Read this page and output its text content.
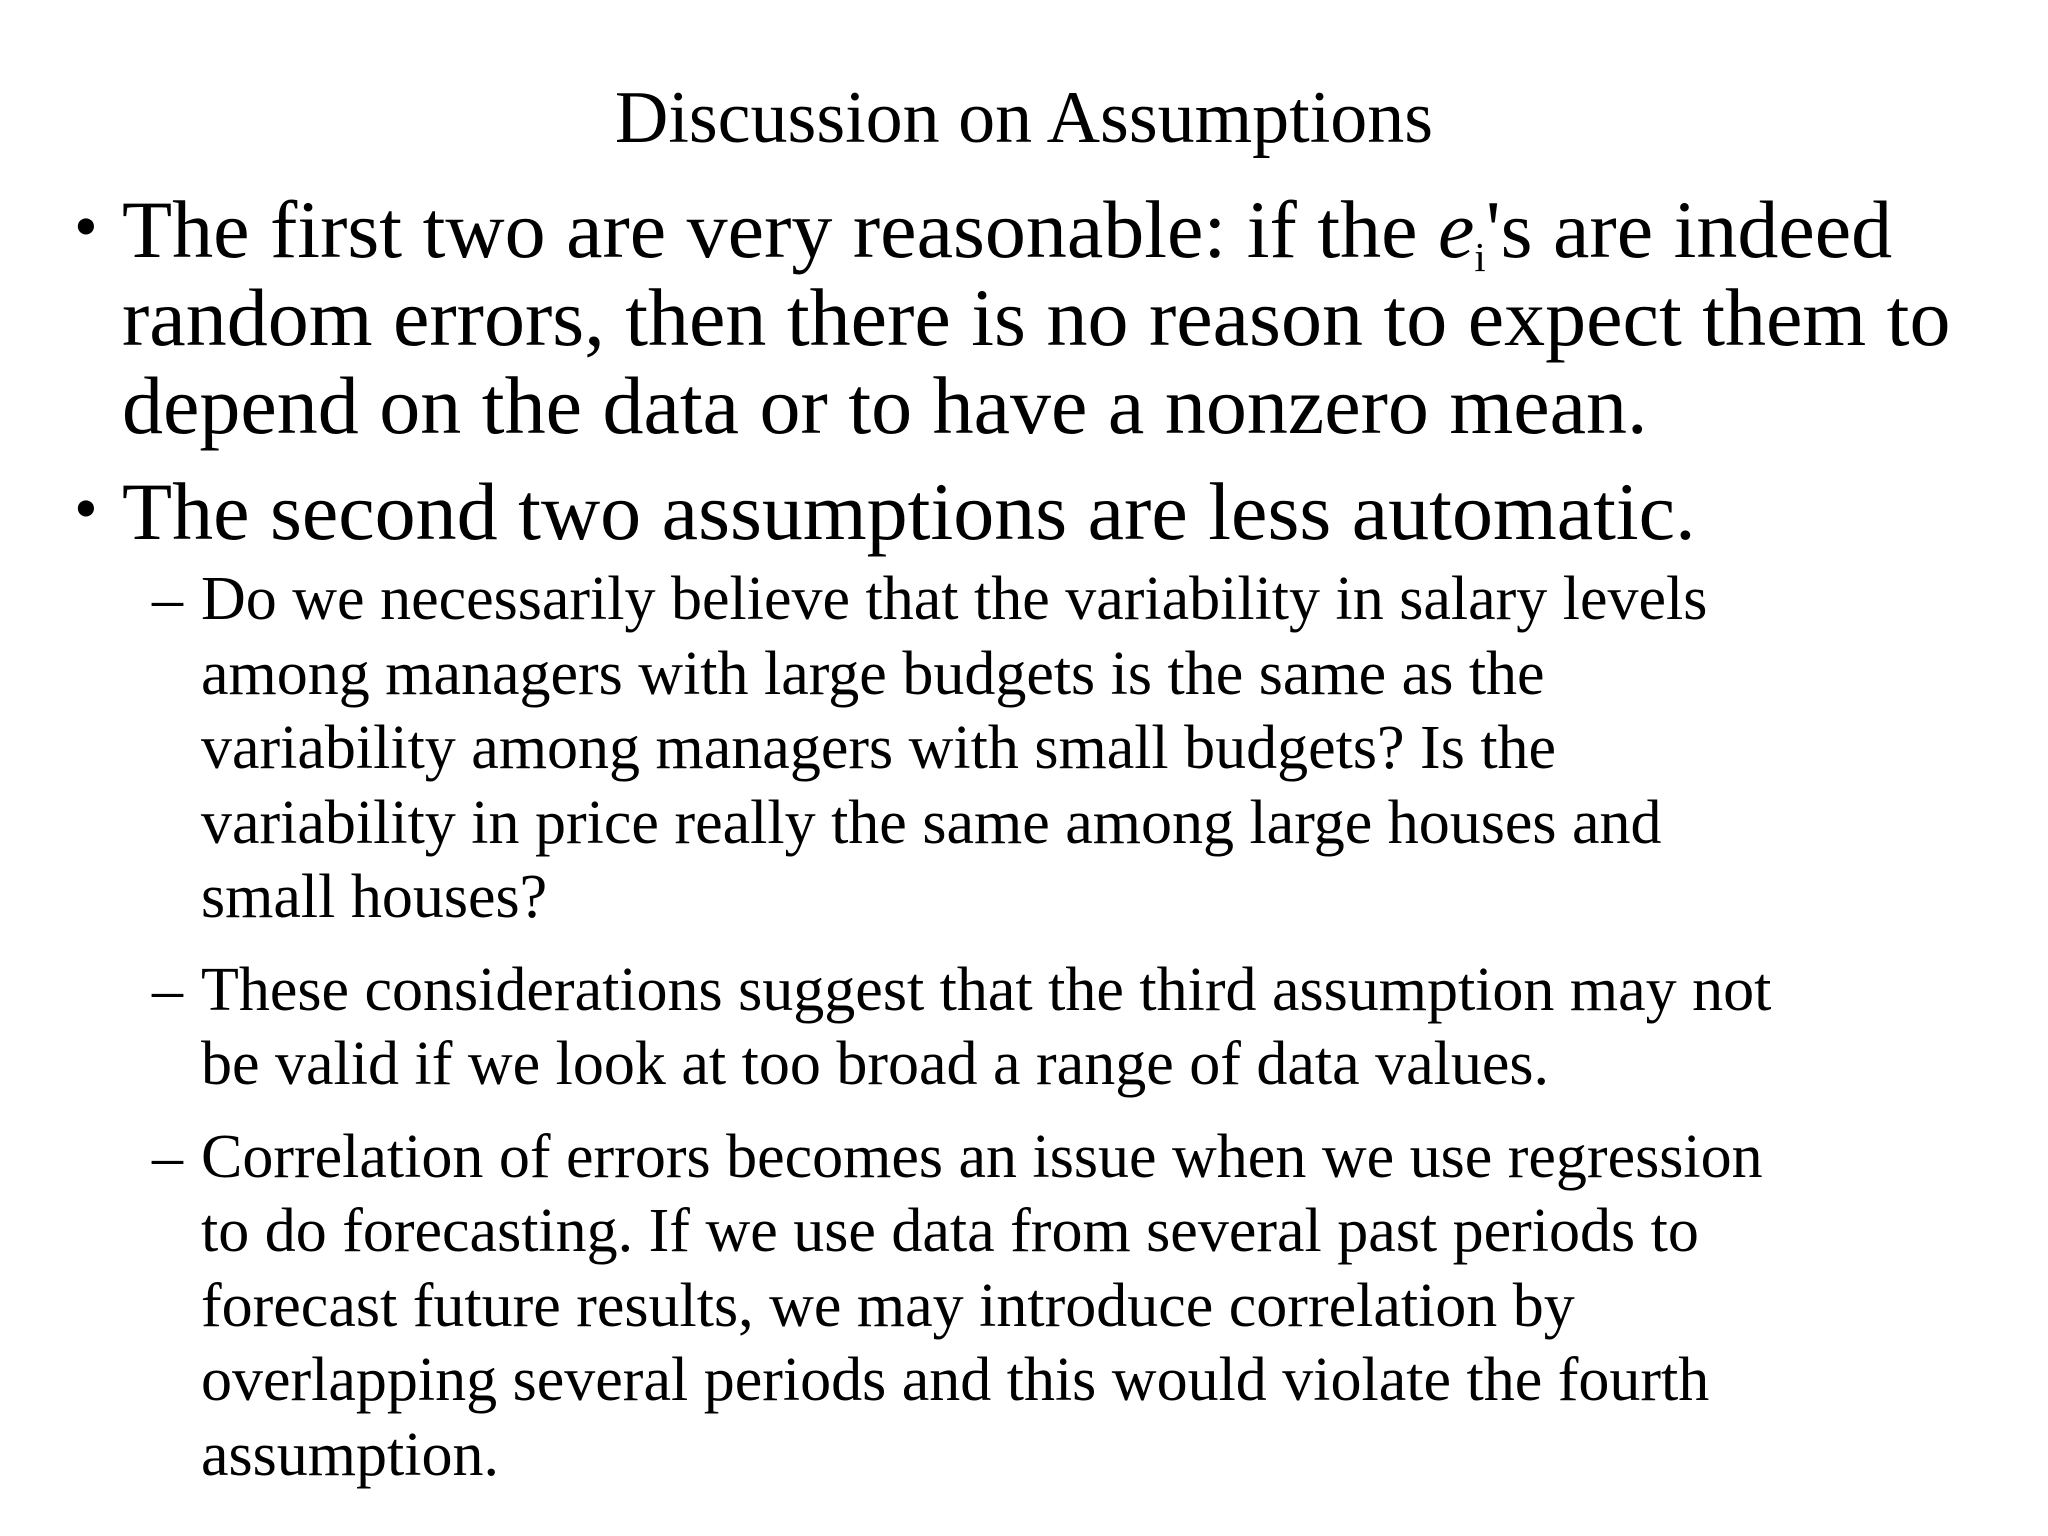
Discussion on Assumptions
• The first two are very reasonable: if the $e_i's$ are indeed
random errors, then there is no reason to expect them to
depend on the data or to have a nonzero mean.
• The second two assumptions are less automatic.
– Do we necessarily believe that the variability in salary levels
among managers with large budgets is the same as the
variability among managers with small budgets? Is the
variability in price really the same among large houses and
small houses?
– These considerations suggest that the third assumption may not
be valid if we look at too broad a range of data values.
– Correlation of errors becomes an issue when we use regression
to do forecasting. If we use data from several past periods to
forecast future results, we may introduce correlation by
overlapping several periods and this would violate the fourth
assumption.
